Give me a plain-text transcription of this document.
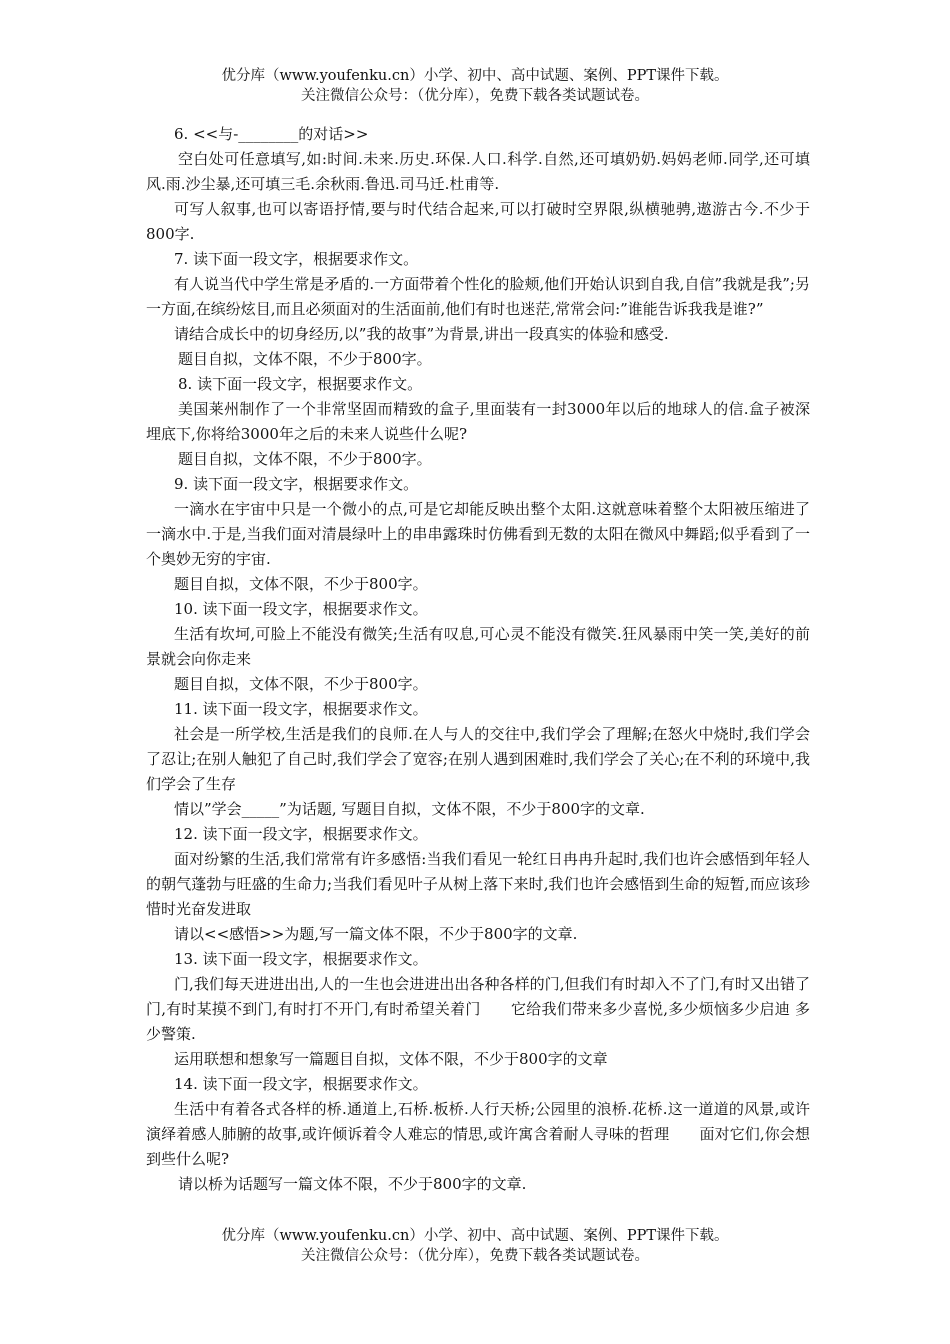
优分库（www.youfenku.cn）小学、初中、高中试题、案例、PPT课件下载。
关注微信公众号：（优分库），免费下载各类试题试卷。

6. <<与-________的对话>>

空白处可任意填写,如:时间.未来.历史.环保.人口.科学.自然,还可填奶奶.妈妈老师.同学,还可填风.雨.沙尘暴,还可填三毛.余秋雨.鲁迅.司马迁.杜甫等.

可写人叙事,也可以寄语抒情,要与时代结合起来,可以打破时空界限,纵横驰骋,遨游古今.不少于800字.

7. 读下面一段文字，根据要求作文。

有人说当代中学生常是矛盾的.一方面带着个性化的脸颊,他们开始认识到自我,自信”我就是我”;另一方面,在缤纷炫目,而且必须面对的生活面前,他们有时也迷茫,常常会问:”谁能告诉我我是谁?”

请结合成长中的切身经历,以”我的故事”为背景,讲出一段真实的体验和感受.

题目自拟，文体不限，不少于800字。

8. 读下面一段文字，根据要求作文。

美国莱州制作了一个非常坚固而精致的盒子,里面装有一封3000年以后的地球人的信.盒子被深埋底下,你将给3000年之后的未来人说些什么呢?

题目自拟，文体不限，不少于800字。

9. 读下面一段文字，根据要求作文。

一滴水在宇宙中只是一个微小的点,可是它却能反映出整个太阳.这就意味着整个太阳被压缩进了一滴水中.于是,当我们面对清晨绿叶上的串串露珠时仿佛看到无数的太阳在微风中舞蹈;似乎看到了一个奥妙无穷的宇宙.

题目自拟，文体不限，不少于800字。

10. 读下面一段文字，根据要求作文。

生活有坎坷,可脸上不能没有微笑;生活有叹息,可心灵不能没有微笑.狂风暴雨中笑一笑,美好的前景就会向你走来

题目自拟，文体不限，不少于800字。

11. 读下面一段文字，根据要求作文。

社会是一所学校,生活是我们的良师.在人与人的交往中,我们学会了理解;在怒火中烧时,我们学会了忍让;在别人触犯了自己时,我们学会了宽容;在别人遇到困难时,我们学会了关心;在不利的环境中,我们学会了生存

情以”学会_____”为话题, 写题目自拟，文体不限，不少于800字的文章.

12. 读下面一段文字，根据要求作文。

面对纷繁的生活,我们常常有许多感悟:当我们看见一轮红日冉冉升起时,我们也许会感悟到年轻人的朝气蓬勃与旺盛的生命力;当我们看见叶子从树上落下来时,我们也许会感悟到生命的短暂,而应该珍惜时光奋发进取

请以<<感悟>>为题,写一篇文体不限，不少于800字的文章.

13. 读下面一段文字，根据要求作文。

门,我们每天进进出出,人的一生也会进进出出各种各样的门,但我们有时却入不了门,有时又出错了门,有时某摸不到门,有时打不开门,有时希望关着门　　它给我们带来多少喜悦,多少烦恼多少启迪 多少警策.

运用联想和想象写一篇题目自拟，文体不限，不少于800字的文章

14. 读下面一段文字，根据要求作文。

生活中有着各式各样的桥.通道上,石桥.板桥.人行天桥;公园里的浪桥.花桥.这一道道的风景,或许演绎着感人肺腑的故事,或许倾诉着令人难忘的情思,或许寓含着耐人寻味的哲理　　面对它们,你会想到些什么呢?

请以桥为话题写一篇文体不限，不少于800字的文章.

优分库（www.youfenku.cn）小学、初中、高中试题、案例、PPT课件下载。
关注微信公众号：（优分库），免费下载各类试题试卷。
